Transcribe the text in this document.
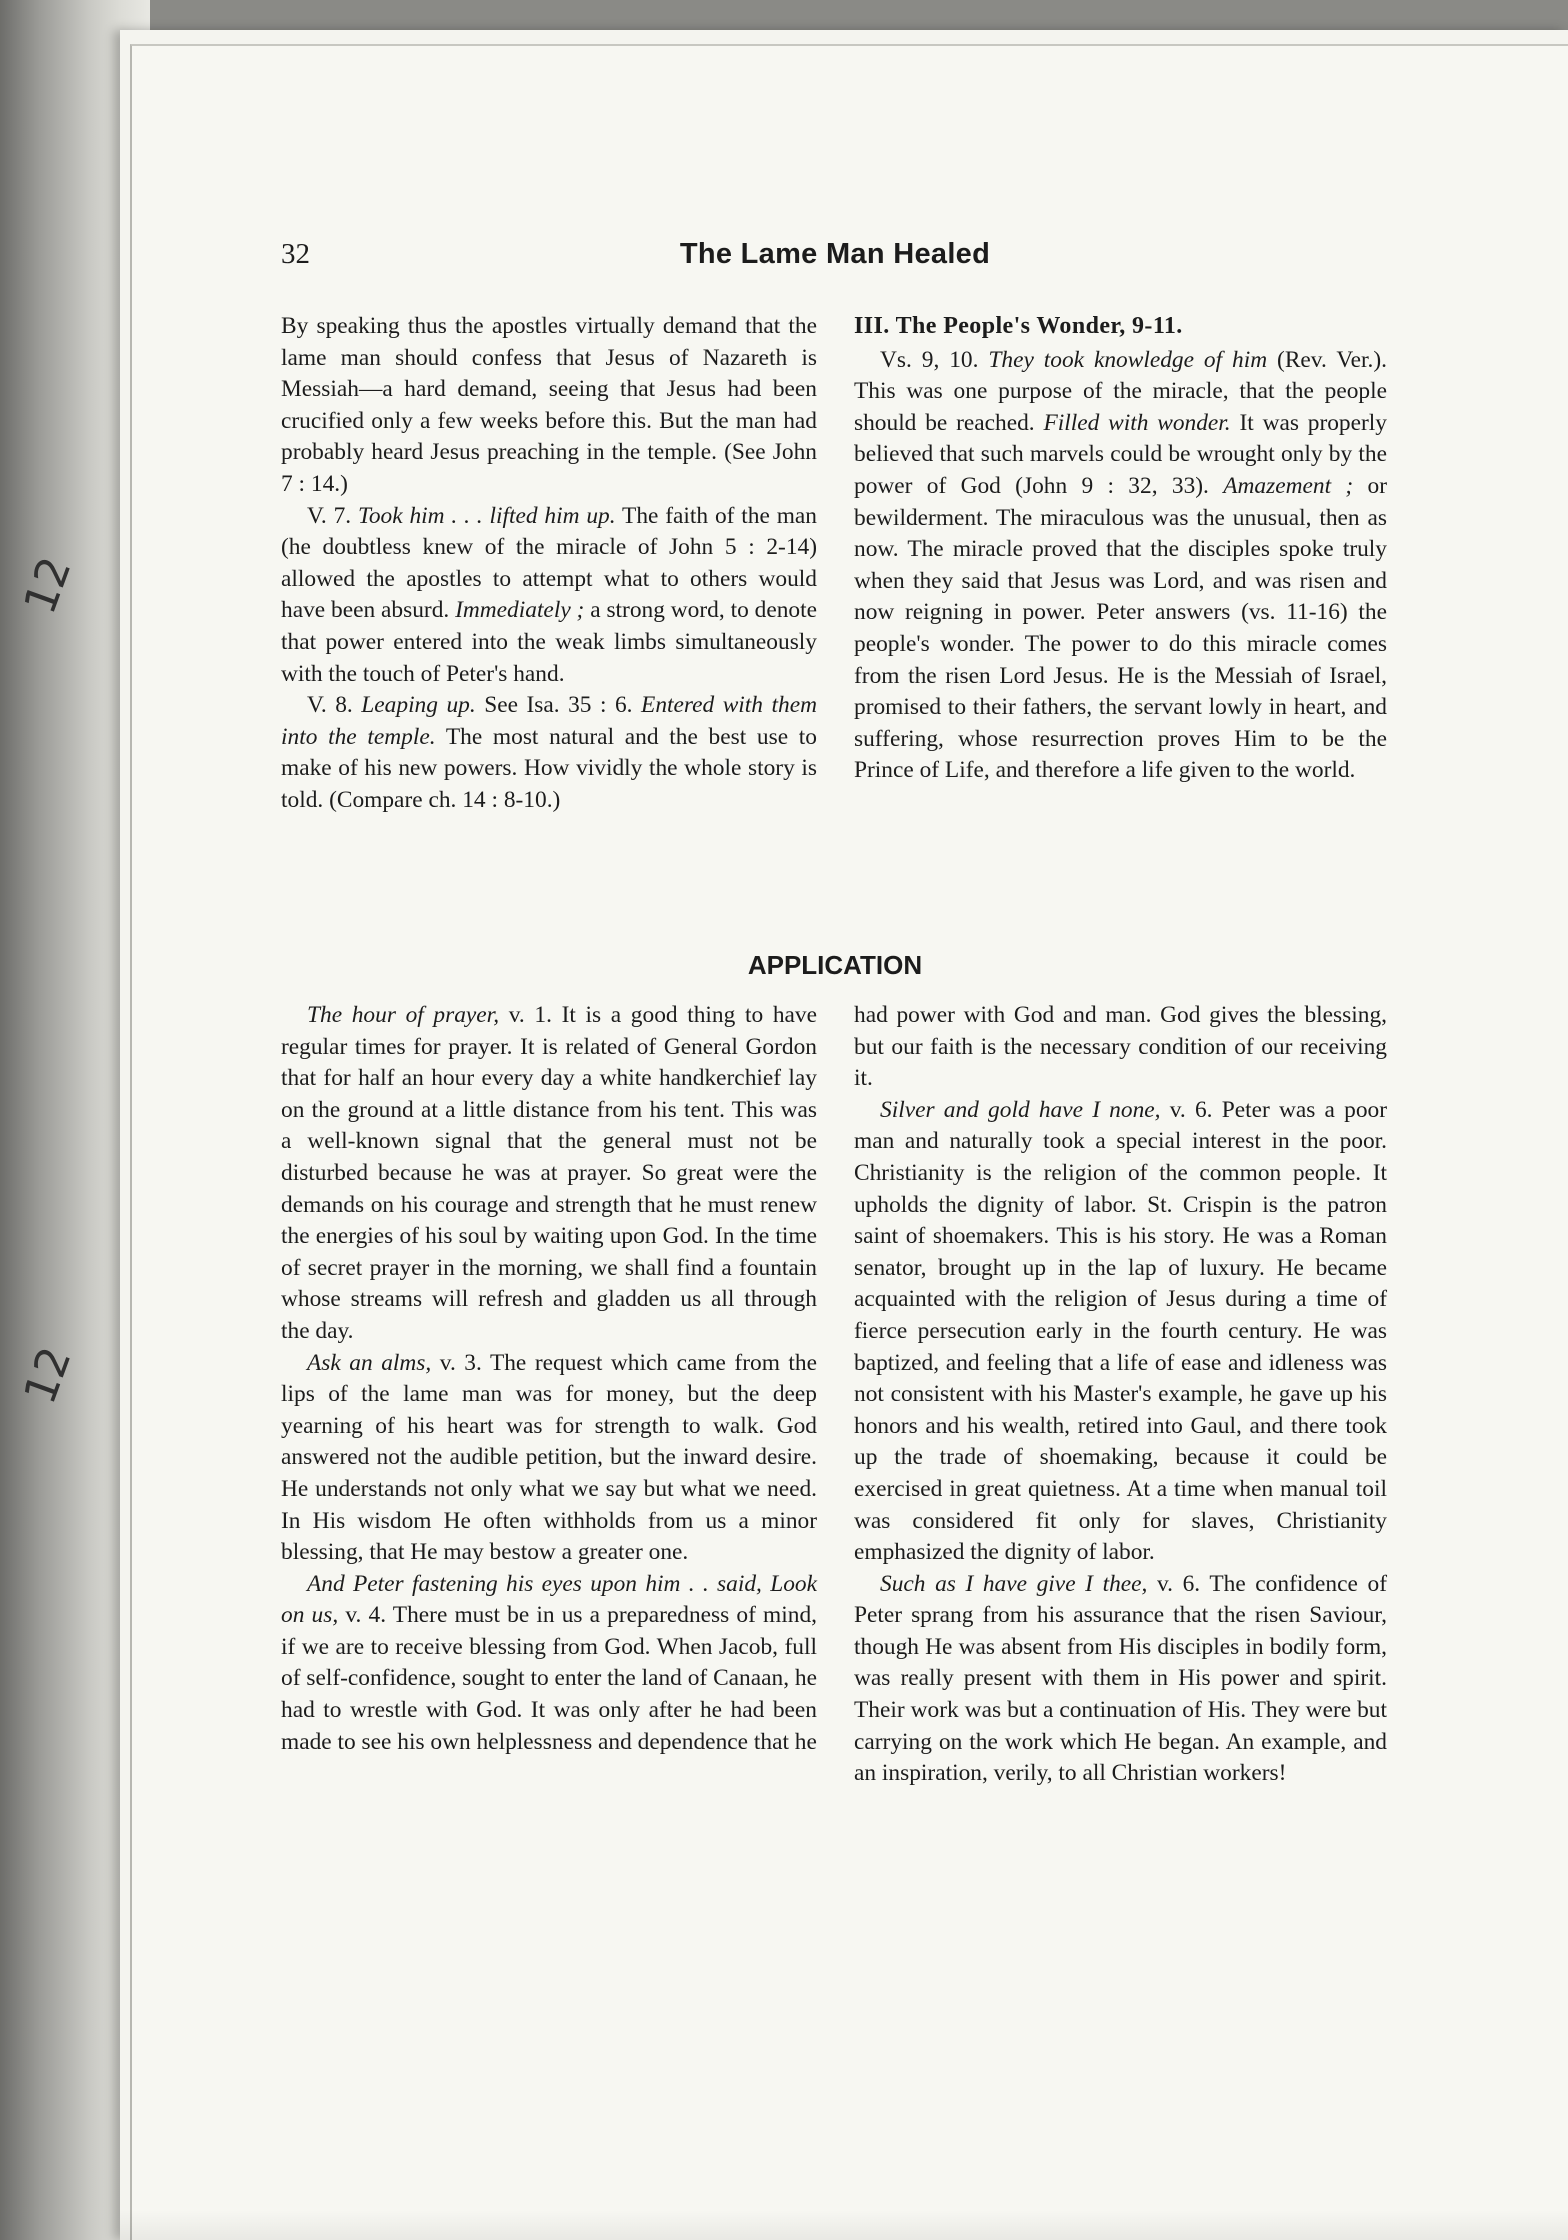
12
12
32	The Lame Man Healed

By speaking thus the apostles virtually demand that the lame man should confess that Jesus of Nazareth is Messiah—a hard demand, seeing that Jesus had been crucified only a few weeks before this. But the man had probably heard Jesus preaching in the temple. (See John 7 : 14.)

V. 7. Took him . . . lifted him up. The faith of the man (he doubtless knew of the miracle of John 5 : 2-14) allowed the apostles to attempt what to others would have been absurd. Immediately ; a strong word, to denote that power entered into the weak limbs simultaneously with the touch of Peter's hand.

V. 8. Leaping up. See Isa. 35 : 6. Entered with them into the temple. The most natural and the best use to make of his new powers. How vividly the whole story is told. (Compare ch. 14 : 8-10.)

III. The People's Wonder, 9-11.

Vs. 9, 10. They took knowledge of him (Rev. Ver.). This was one purpose of the miracle, that the people should be reached. Filled with wonder. It was properly believed that such marvels could be wrought only by the power of God (John 9 : 32, 33). Amazement ; or bewilderment. The miraculous was the unusual, then as now. The miracle proved that the disciples spoke truly when they said that Jesus was Lord, and was risen and now reigning in power. Peter answers (vs. 11-16) the people's wonder. The power to do this miracle comes from the risen Lord Jesus. He is the Messiah of Israel, promised to their fathers, the servant lowly in heart, and suffering, whose resurrection proves Him to be the Prince of Life, and therefore a life given to the world.

APPLICATION

The hour of prayer, v. 1. It is a good thing to have regular times for prayer. It is related of General Gordon that for half an hour every day a white handkerchief lay on the ground at a little distance from his tent. This was a well-known signal that the general must not be disturbed because he was at prayer. So great were the demands on his courage and strength that he must renew the energies of his soul by waiting upon God. In the time of secret prayer in the morning, we shall find a fountain whose streams will refresh and gladden us all through the day.

Ask an alms, v. 3. The request which came from the lips of the lame man was for money, but the deep yearning of his heart was for strength to walk. God answered not the audible petition, but the inward desire. He understands not only what we say but what we need. In His wisdom He often withholds from us a minor blessing, that He may bestow a greater one.

And Peter fastening his eyes upon him . . said, Look on us, v. 4. There must be in us a preparedness of mind, if we are to receive blessing from God. When Jacob, full of self-confidence, sought to enter the land of Canaan, he had to wrestle with God. It was only after he had been made to see his own helplessness and dependence that he

had power with God and man. God gives the blessing, but our faith is the necessary condition of our receiving it.

Silver and gold have I none, v. 6. Peter was a poor man and naturally took a special interest in the poor. Christianity is the religion of the common people. It upholds the dignity of labor. St. Crispin is the patron saint of shoemakers. This is his story. He was a Roman senator, brought up in the lap of luxury. He became acquainted with the religion of Jesus during a time of fierce persecution early in the fourth century. He was baptized, and feeling that a life of ease and idleness was not consistent with his Master's example, he gave up his honors and his wealth, retired into Gaul, and there took up the trade of shoemaking, because it could be exercised in great quietness. At a time when manual toil was considered fit only for slaves, Christianity emphasized the dignity of labor.

Such as I have give I thee, v. 6. The confidence of Peter sprang from his assurance that the risen Saviour, though He was absent from His disciples in bodily form, was really present with them in His power and spirit. Their work was but a continuation of His. They were but carrying on the work which He began. An example, and an inspiration, verily, to all Christian workers!
